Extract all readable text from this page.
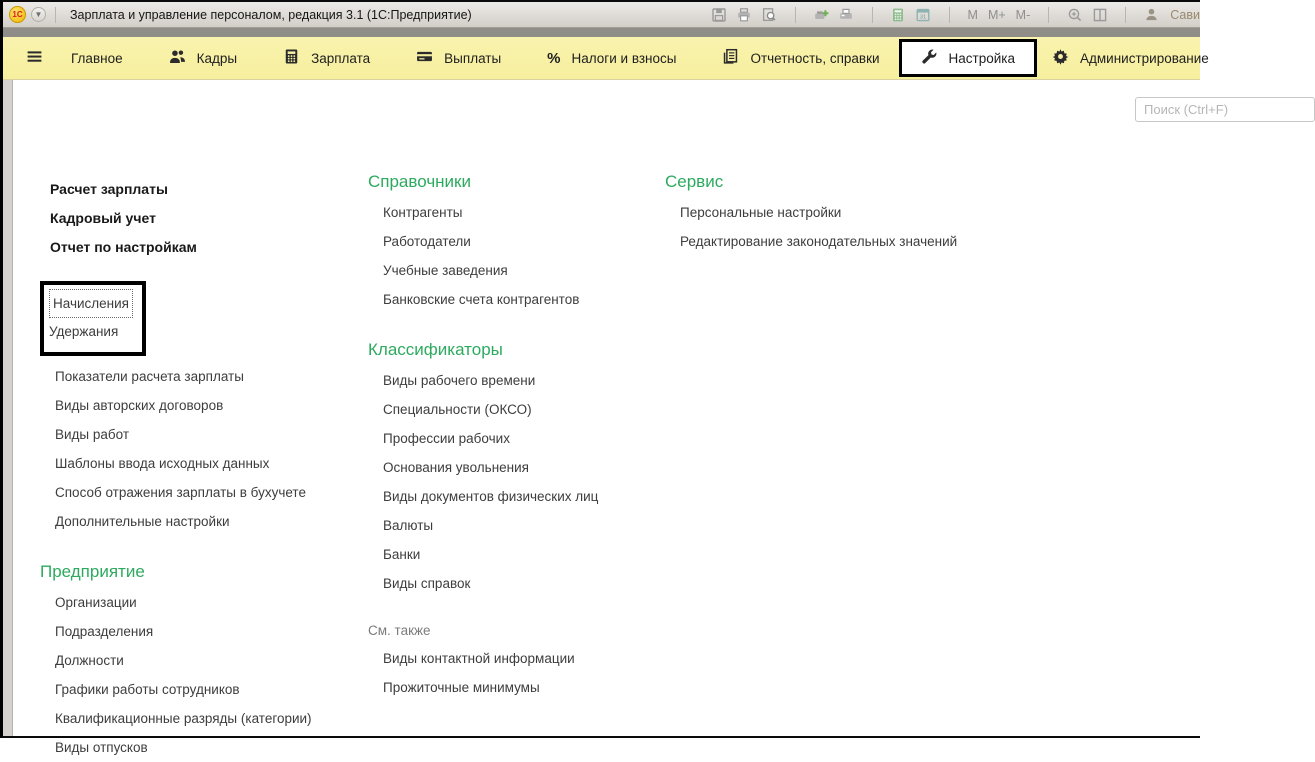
1С	▼ Зарплата и управление персоналом, редакция 3.1 (1С:Предприятие)	31	M M+ M-	Сави
Главное	Кадры	Зарплата	Выплаты	% Налоги и взносы	Отчетность, справки	Настройка	Администрирование
Поиск (Ctrl+F)
Расчет зарплаты
Кадровый учет
Отчет по настройкам
Начисления
Удержания
Показатели расчета зарплаты
Виды авторских договоров
Виды работ
Шаблоны ввода исходных данных
Способ отражения зарплаты в бухучете
Дополнительные настройки
Предприятие
Организации
Подразделения
Должности
Графики работы сотрудников
Квалификационные разряды (категории)
Виды отпусков
Справочники
Контрагенты
Работодатели
Учебные заведения
Банковские счета контрагентов
Классификаторы
Виды рабочего времени
Специальности (ОКСО)
Профессии рабочих
Основания увольнения
Виды документов физических лиц
Валюты
Банки
Виды справок
См. также
Виды контактной информации
Прожиточные минимумы
Сервис
Персональные настройки
Редактирование законодательных значений
